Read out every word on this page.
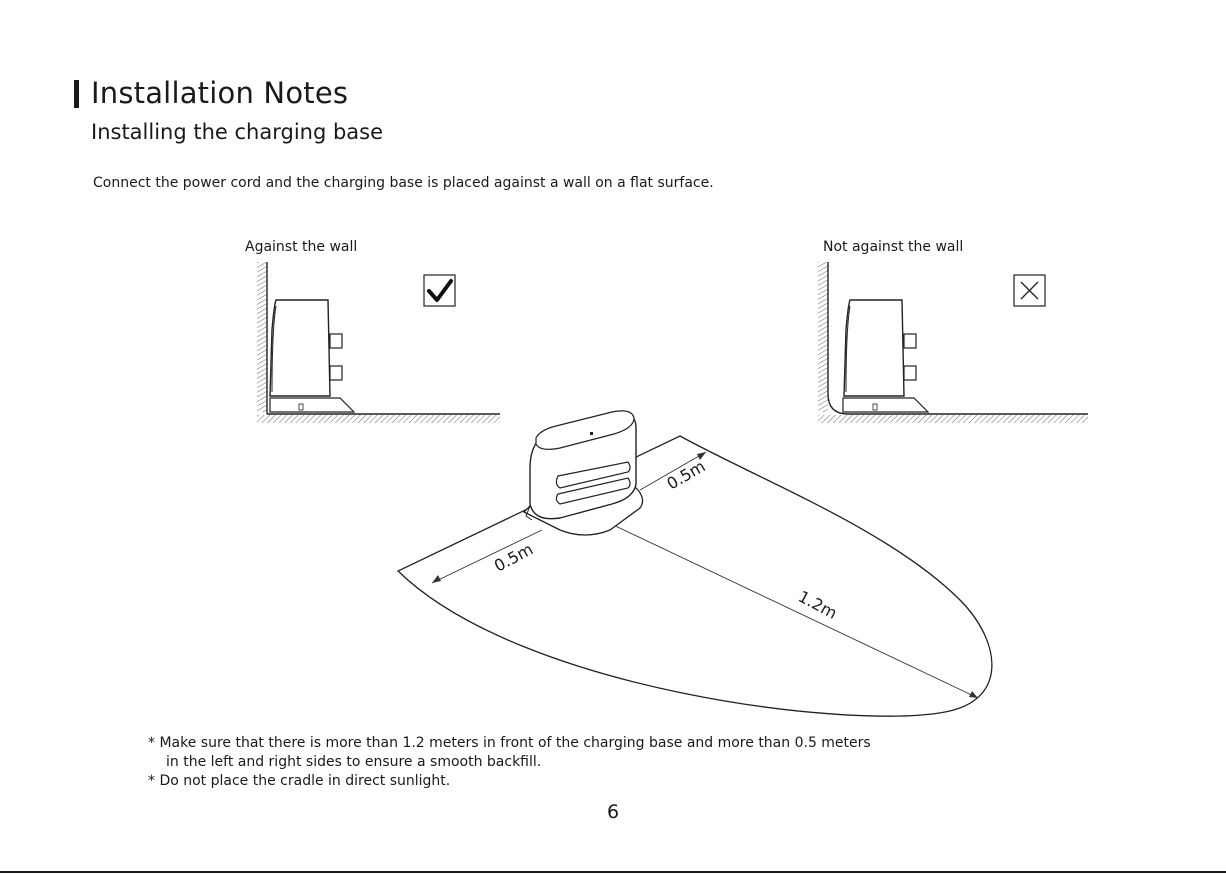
Installation Notes
Installing the charging base
Connect the power cord and the charging base is placed against a wall on a flat surface.
Against the wall	Not against the wall
0.5m
0.5m
1.2m
* Make sure that there is more than 1.2 meters in front of the charging base and more than 0.5 meters
in the left and right sides to ensure a smooth backfill.
* Do not place the cradle in direct sunlight.
6
